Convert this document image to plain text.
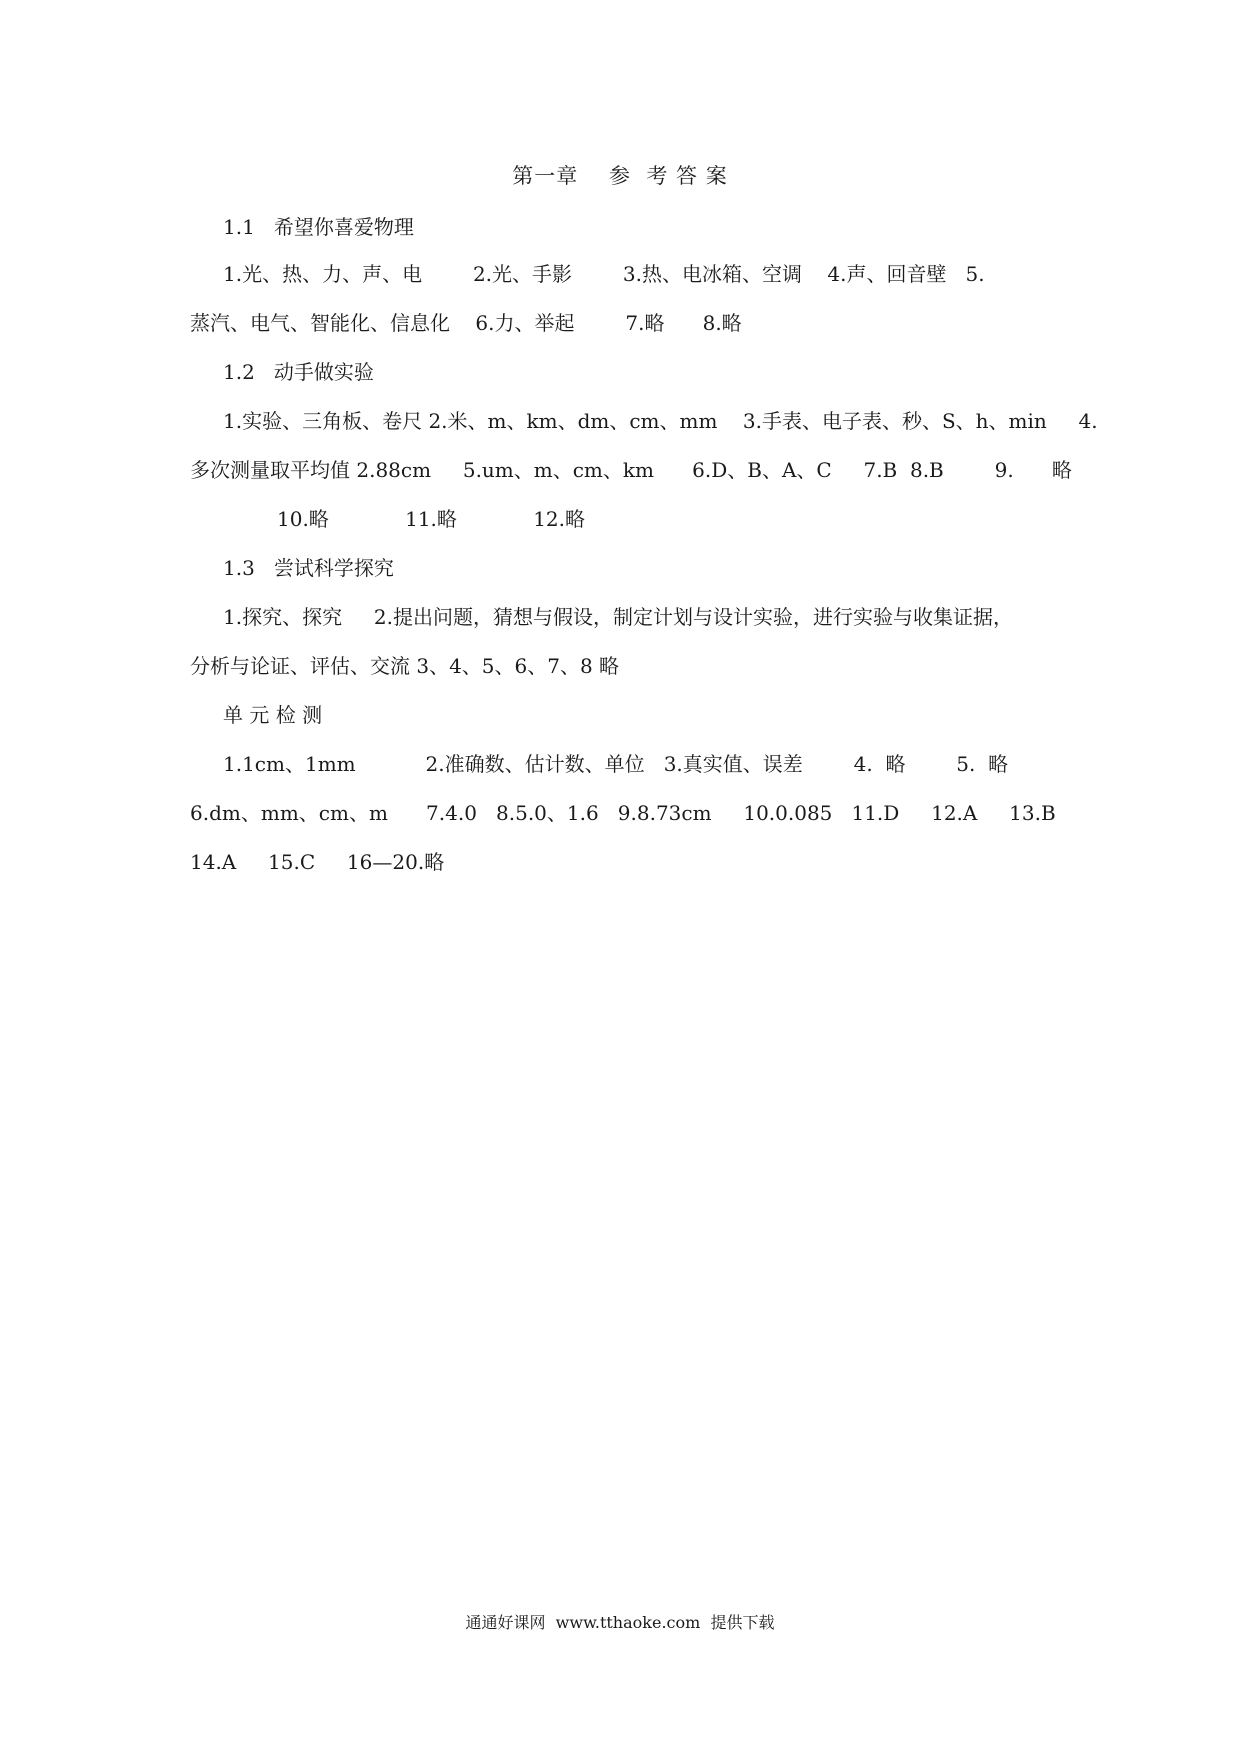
第一章    参  考 答 案
1.1   希望你喜爱物理
1.光、热、力、声、电        2.光、手影        3.热、电冰箱、空调    4.声、回音壁   5.
蒸汽、电气、智能化、信息化    6.力、举起        7.略      8.略
1.2   动手做实验
1.实验、三角板、卷尺 2.米、m、km、dm、cm、mm    3.手表、电子表、秒、S、h、min     4.
多次测量取平均值 2.88cm     5.um、m、cm、km      6.D、B、A、C     7.B  8.B        9.      略
10.略            11.略            12.略
1.3   尝试科学探究
1.探究、探究     2.提出问题，猜想与假设，制定计划与设计实验，进行实验与收集证据，
分析与论证、评估、交流 3、4、5、6、7、8 略
单 元 检 测
1.1cm、1mm           2.准确数、估计数、单位   3.真实值、误差        4.  略        5.  略
6.dm、mm、cm、m      7.4.0   8.5.0、1.6   9.8.73cm     10.0.085   11.D     12.A     13.B
14.A     15.C     16—20.略
通通好课网  www.tthaoke.com  提供下载
